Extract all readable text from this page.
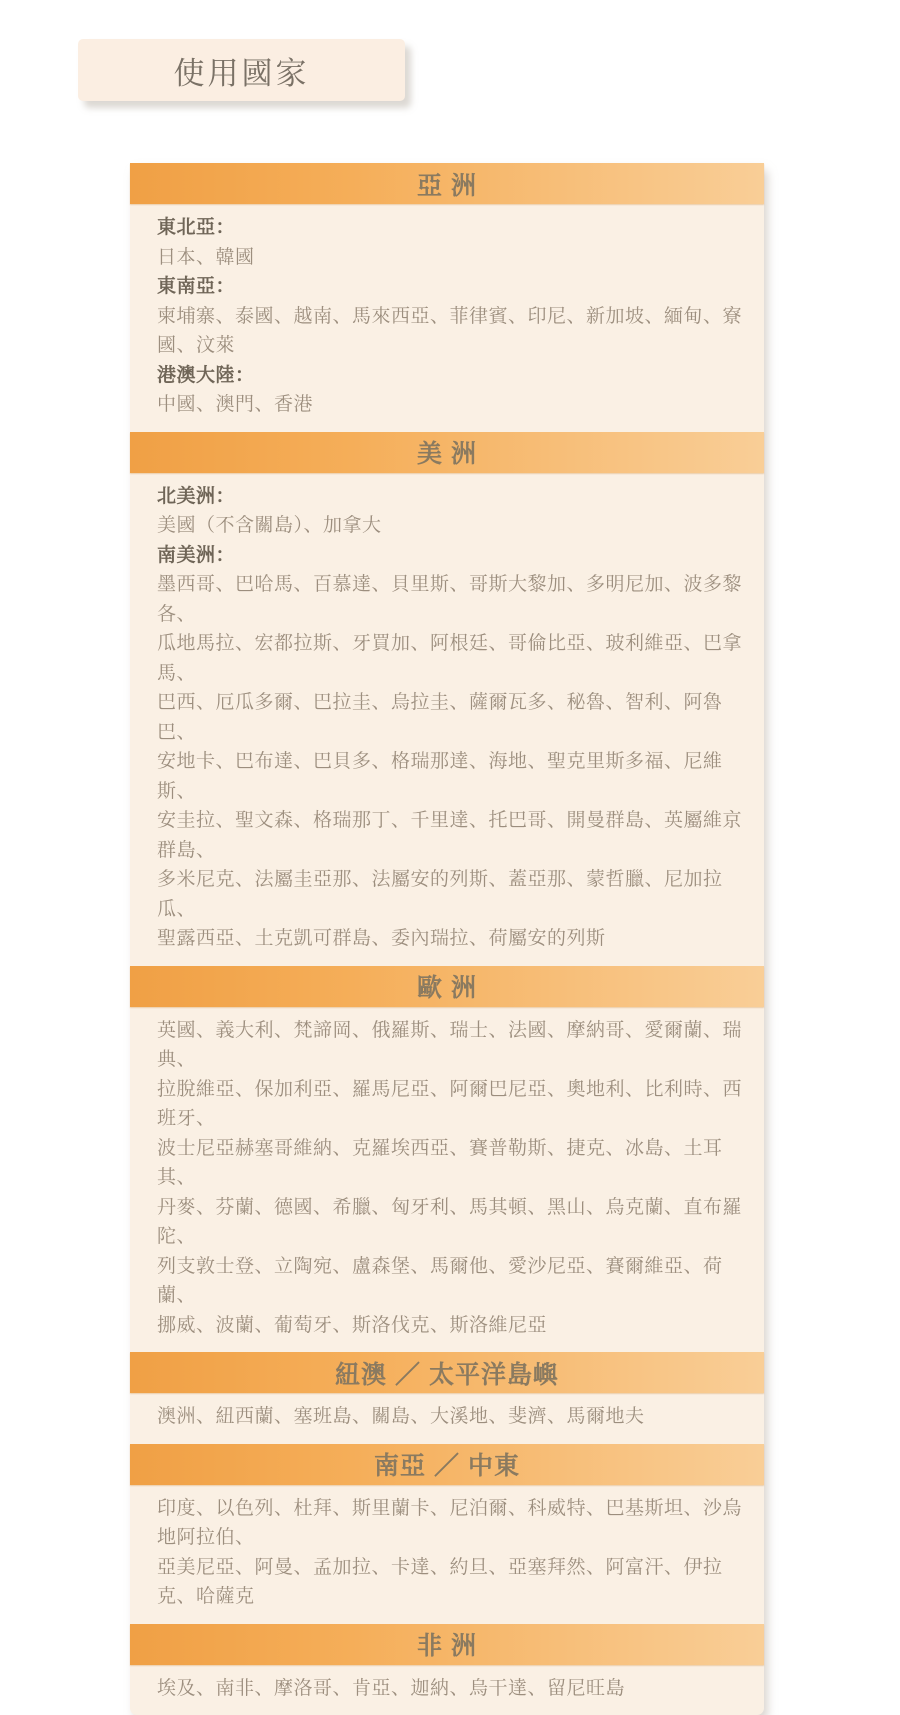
使用國家
亞 洲

東北亞：

日本、韓國

東南亞：

柬埔寨、泰國、越南、馬來西亞、菲律賓、印尼、新加坡、緬甸、寮國、汶萊

港澳大陸：

中國、澳門、香港

美 洲

北美洲：

美國（不含關島）、加拿大

南美洲：

墨西哥、巴哈馬、百慕達、貝里斯、哥斯大黎加、多明尼加、波多黎各、

瓜地馬拉、宏都拉斯、牙買加、阿根廷、哥倫比亞、玻利維亞、巴拿馬、

巴西、厄瓜多爾、巴拉圭、烏拉圭、薩爾瓦多、秘魯、智利、阿魯巴、

安地卡、巴布達、巴貝多、格瑞那達、海地、聖克里斯多福、尼維斯、

安圭拉、聖文森、格瑞那丁、千里達、托巴哥、開曼群島、英屬維京群島、

多米尼克、法屬圭亞那、法屬安的列斯、蓋亞那、蒙哲臘、尼加拉瓜、

聖露西亞、土克凱可群島、委內瑞拉、荷屬安的列斯

歐 洲

英國、義大利、梵諦岡、俄羅斯、瑞士、法國、摩納哥、愛爾蘭、瑞典、

拉脫維亞、保加利亞、羅馬尼亞、阿爾巴尼亞、奧地利、比利時、西班牙、

波士尼亞赫塞哥維納、克羅埃西亞、賽普勒斯、捷克、冰島、土耳其、

丹麥、芬蘭、德國、希臘、匈牙利、馬其頓、黑山、烏克蘭、直布羅陀、

列支敦士登、立陶宛、盧森堡、馬爾他、愛沙尼亞、賽爾維亞、荷蘭、

挪威、波蘭、葡萄牙、斯洛伐克、斯洛維尼亞

紐澳 ／ 太平洋島嶼

澳洲、紐西蘭、塞班島、關島、大溪地、斐濟、馬爾地夫

南亞 ／ 中東

印度、以色列、杜拜、斯里蘭卡、尼泊爾、科威特、巴基斯坦、沙烏地阿拉伯、

亞美尼亞、阿曼、孟加拉、卡達、約旦、亞塞拜然、阿富汗、伊拉克、哈薩克

非 洲

埃及、南非、摩洛哥、肯亞、迦納、烏干達、留尼旺島
